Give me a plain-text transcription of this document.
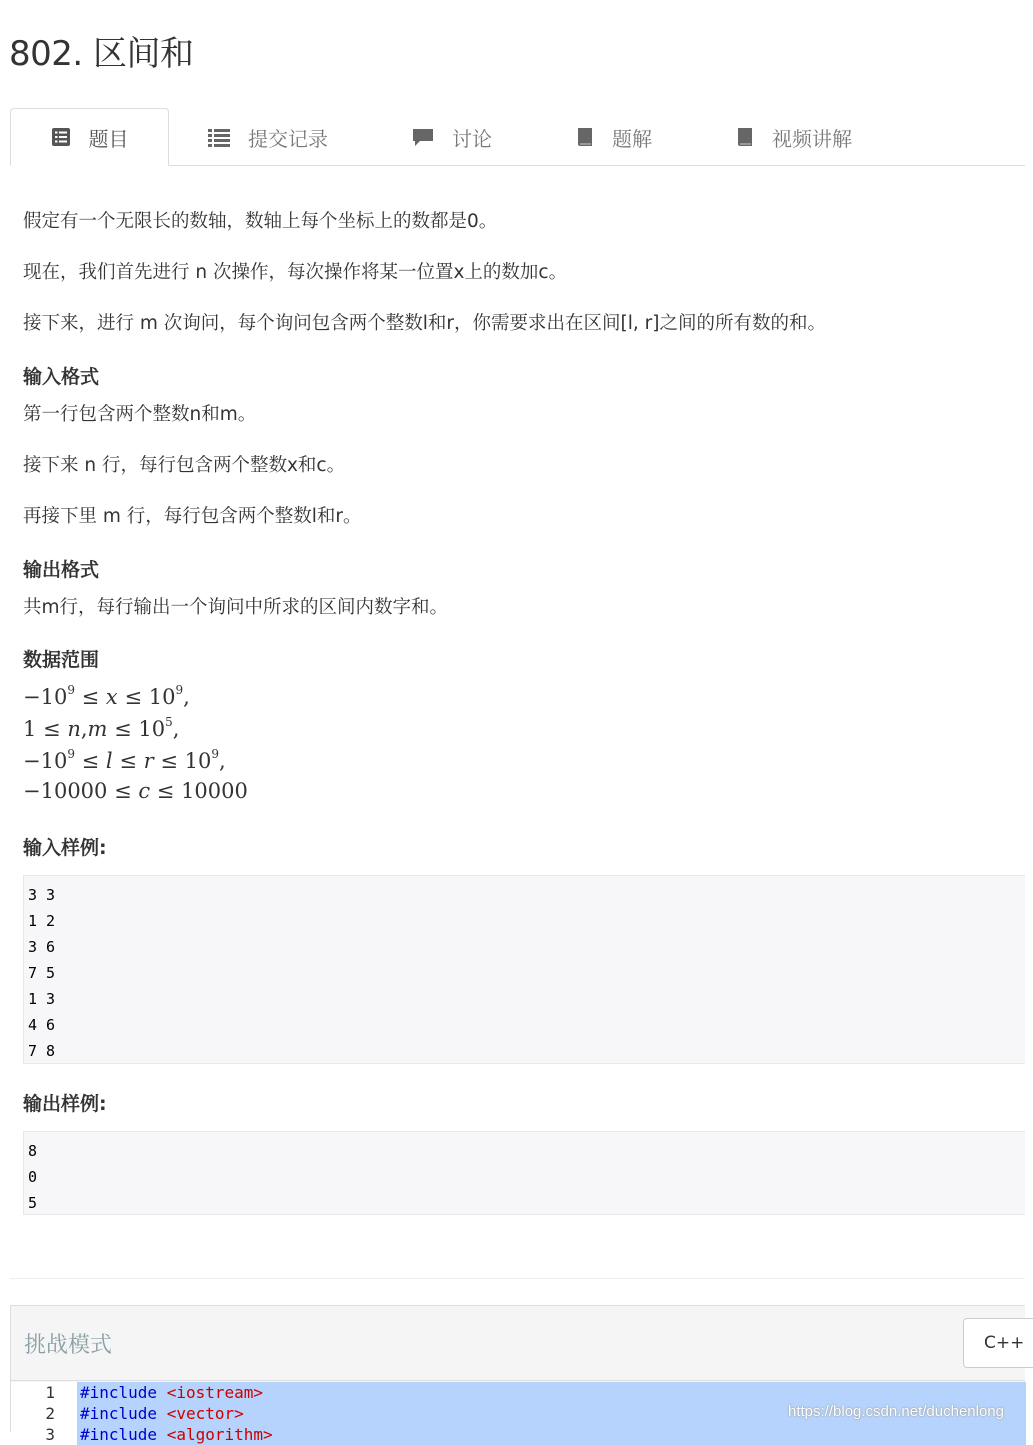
802. 区间和
题目	提交记录	讨论	题解	视频讲解
假定有一个无限长的数轴，数轴上每个坐标上的数都是0。
现在，我们首先进行 n 次操作，每次操作将某一位置x上的数加c。
接下来，进行 m 次询问，每个询问包含两个整数l和r，你需要求出在区间[l, r]之间的所有数的和。
输入格式
第一行包含两个整数n和m。
接下来 n 行，每行包含两个整数x和c。
再接下里 m 行，每行包含两个整数l和r。
输出格式
共m行，每行输出一个询问中所求的区间内数字和。
数据范围
$-10^9 \le x \le 10^9$,
$1 \le n,m \le 10^5$,
$-10^9 \le l \le r \le 10^9$,
−10000 ≤ c ≤ 10000
输入样例:
输出样例:
3 3
1 2
3 6
7 5
1 3
4 6
7 8
8
0
5
挑战模式	C++
1
2
3
#include <iostream>
#include <vector>
#include <algorithm>
https://blog.csdn.net/duchenlong
